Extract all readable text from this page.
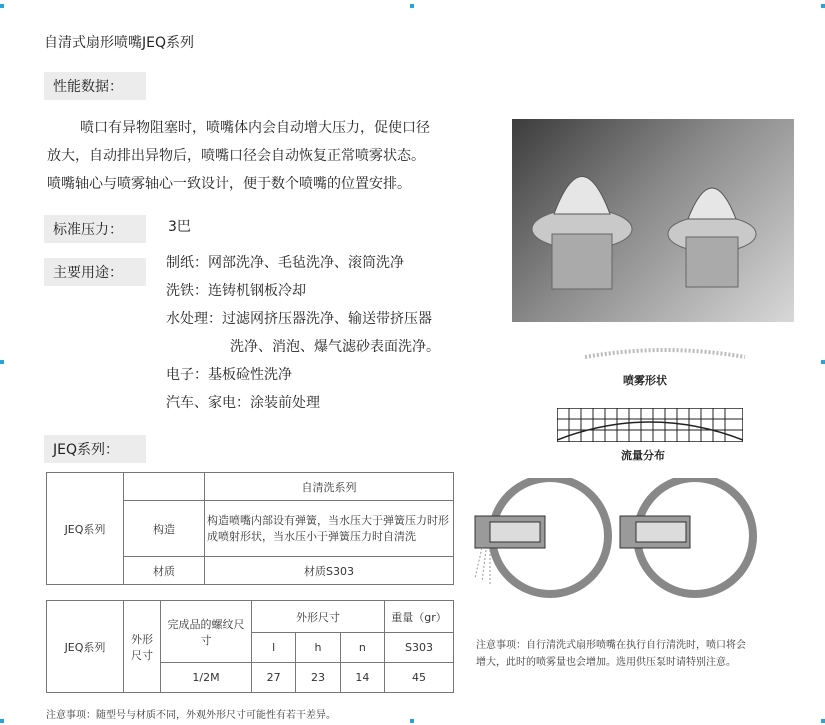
自清式扇形喷嘴JEQ系列
性能数据：
喷口有异物阻塞时，喷嘴体内会自动增大压力，促使口径
放大，自动排出异物后，喷嘴口径会自动恢复正常喷雾状态。
喷嘴轴心与喷雾轴心一致设计，便于数个喷嘴的位置安排。
标准压力：	3巴
主要用途：
制纸：网部洗净、毛毡洗净、滚筒洗净
洗铁：连铸机钢板冷却
水处理：过滤网挤压器洗净、输送带挤压器
洗净、消泡、爆气滤砂表面洗净。
电子：基板硷性洗净
汽车、家电：涂装前处理
JEQ系列：
JEQ系列		自清洗系列
	构造	构造喷嘴内部设有弹簧，当水压大于弹簧压力时形成喷射形状，当水压小于弹簧压力时自清洗
	材质	材质S303
JEQ系列	外形尺寸	完成品的螺纹尺寸	外形尺寸			重量（gr）
			l	h	n	S303
		1/2M	27	23	14	45
注意事项：随型号与材质不同，外观外形尺寸可能性有若干差异。
喷雾形状
流量分布
注意事项：自行清洗式扇形喷嘴在执行自行清洗时，喷口将会
增大，此时的喷雾量也会增加。选用供压泵时请特别注意。
